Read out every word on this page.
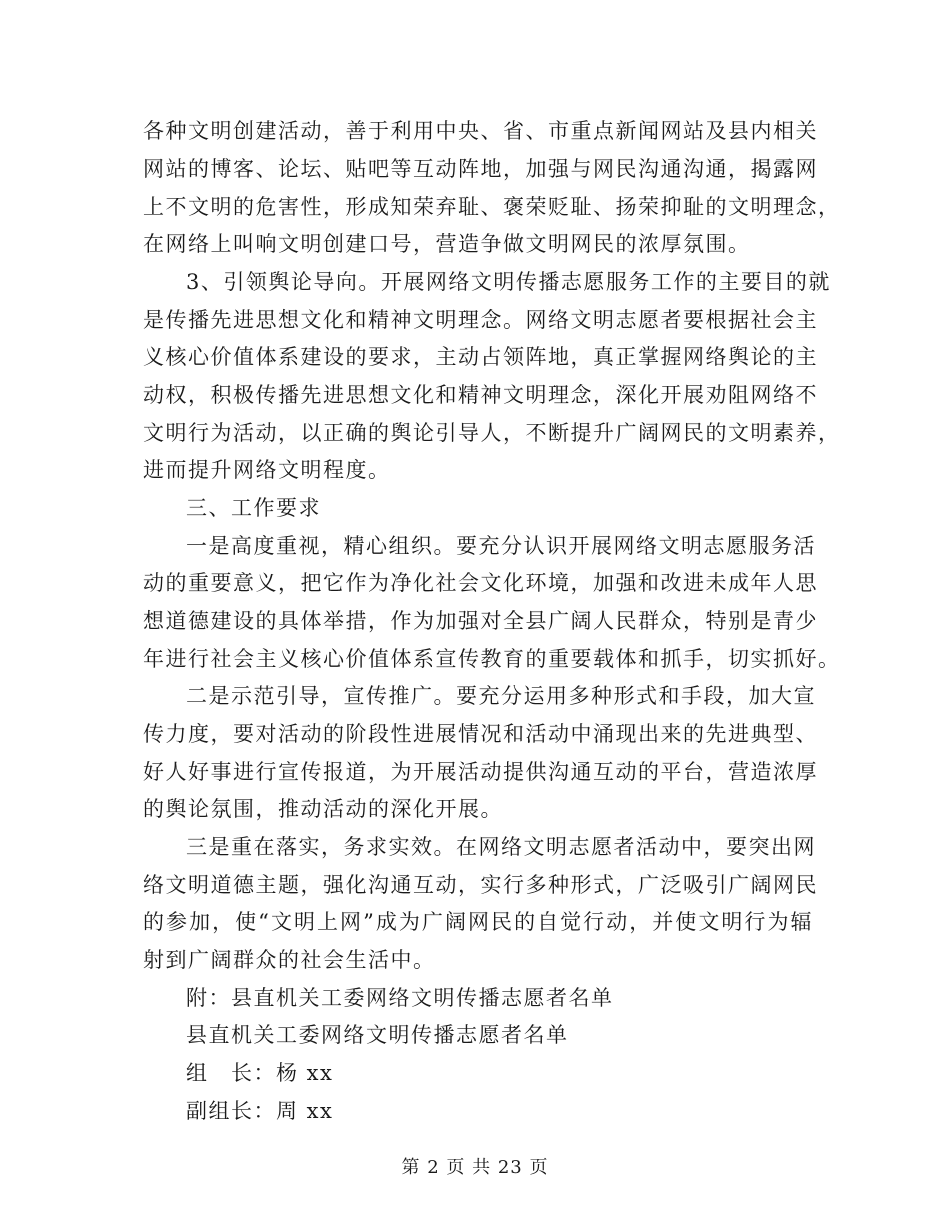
各种文明创建活动，善于利用中央、省、市重点新闻网站及县内相关
网站的博客、论坛、贴吧等互动阵地，加强与网民沟通沟通，揭露网
上不文明的危害性，形成知荣弃耻、褒荣贬耻、扬荣抑耻的文明理念，
在网络上叫响文明创建口号，营造争做文明网民的浓厚氛围。
3、引领舆论导向。开展网络文明传播志愿服务工作的主要目的就
是传播先进思想文化和精神文明理念。网络文明志愿者要根据社会主
义核心价值体系建设的要求，主动占领阵地，真正掌握网络舆论的主
动权，积极传播先进思想文化和精神文明理念，深化开展劝阻网络不
文明行为活动，以正确的舆论引导人，不断提升广阔网民的文明素养，
进而提升网络文明程度。
三、工作要求
一是高度重视，精心组织。要充分认识开展网络文明志愿服务活
动的重要意义，把它作为净化社会文化环境，加强和改进未成年人思
想道德建设的具体举措，作为加强对全县广阔人民群众，特别是青少
年进行社会主义核心价值体系宣传教育的重要载体和抓手，切实抓好。
二是示范引导，宣传推广。要充分运用多种形式和手段，加大宣
传力度，要对活动的阶段性进展情况和活动中涌现出来的先进典型、
好人好事进行宣传报道，为开展活动提供沟通互动的平台，营造浓厚
的舆论氛围，推动活动的深化开展。
三是重在落实，务求实效。在网络文明志愿者活动中，要突出网
络文明道德主题，强化沟通互动，实行多种形式，广泛吸引广阔网民
的参加，使“文明上网”成为广阔网民的自觉行动，并使文明行为辐
射到广阔群众的社会生活中。
附：县直机关工委网络文明传播志愿者名单
县直机关工委网络文明传播志愿者名单
组　长：杨 xx
副组长：周 xx
第 2 页 共 23 页
